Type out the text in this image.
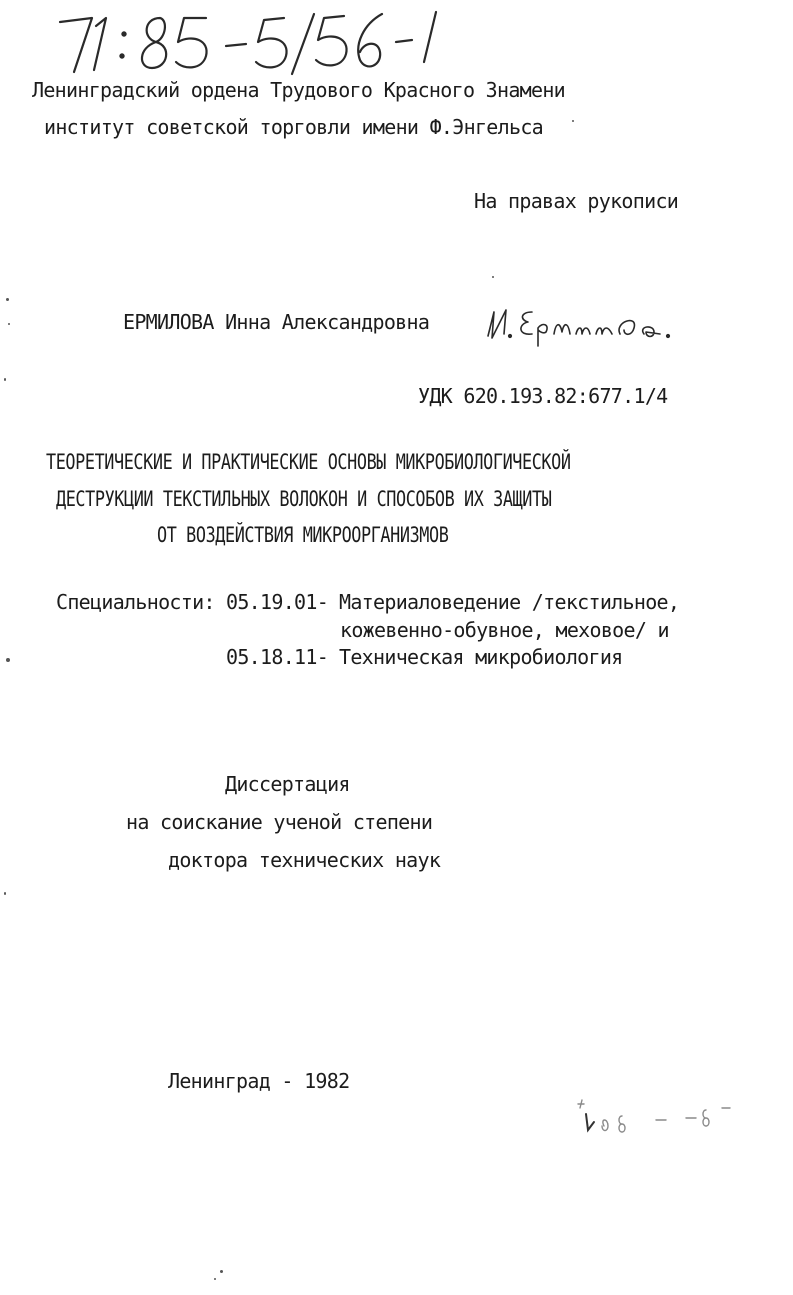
Ленинградский ордена Трудового Красного Знамени
институт советской торговли имени Ф.Энгельса
На правах рукописи
ЕРМИЛОВА Инна Александровна
УДК 620.193.82:677.1/4
ТЕОРЕТИЧЕСКИЕ И ПРАКТИЧЕСКИЕ ОСНОВЫ МИКРОБИОЛОГИЧЕСКОЙ
ДЕСТРУКЦИИ ТЕКСТИЛЬНЫХ ВОЛОКОН И СПОСОБОВ ИХ ЗАЩИТЫ
ОТ ВОЗДЕЙСТВИЯ МИКРООРГАНИЗМОВ
Специальности: 05.19.01- Материаловедение /текстильное,
кожевенно-обувное, меховое/ и
05.18.11- Техническая микробиология
Диссертация
на соискание ученой степени
доктора технических наук
Ленинград - 1982
